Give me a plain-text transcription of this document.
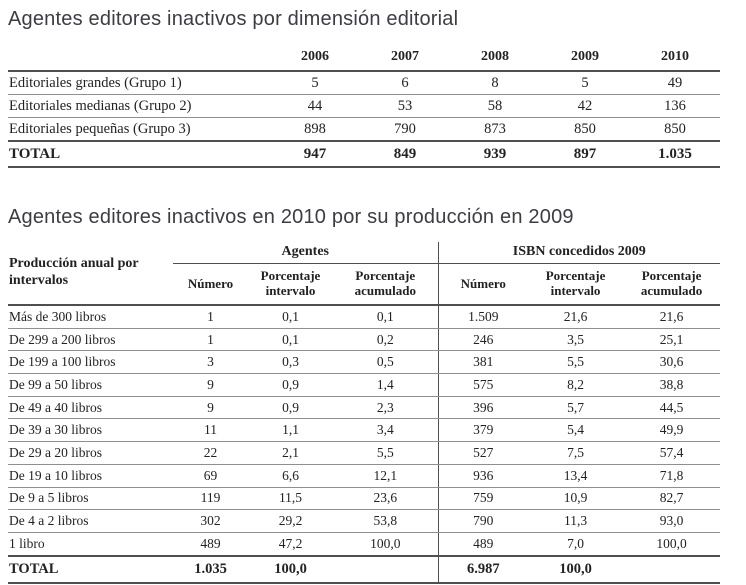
Agentes editores inactivos por dimensión editorial
	2006	2007	2008	2009	2010
Editoriales grandes (Grupo 1)	5	6	8	5	49
Editoriales medianas (Grupo 2)	44	53	58	42	136
Editoriales pequeñas (Grupo 3)	898	790	873	850	850
TOTAL	947	849	939	897	1.035
Agentes editores inactivos en 2010 por su producción en 2009
Producción anual por intervalos	Agentes			ISBN concedidos 2009		
	Número	Porcentaje intervalo	Porcentaje acumulado	Número	Porcentaje intervalo	Porcentaje acumulado
Más de 300 libros	1	0,1	0,1	1.509	21,6	21,6
De 299 a 200 libros	1	0,1	0,2	246	3,5	25,1
De 199 a 100 libros	3	0,3	0,5	381	5,5	30,6
De 99 a 50 libros	9	0,9	1,4	575	8,2	38,8
De 49 a 40 libros	9	0,9	2,3	396	5,7	44,5
De 39 a 30 libros	11	1,1	3,4	379	5,4	49,9
De 29 a 20 libros	22	2,1	5,5	527	7,5	57,4
De 19 a 10 libros	69	6,6	12,1	936	13,4	71,8
De 9 a 5 libros	119	11,5	23,6	759	10,9	82,7
De 4 a 2 libros	302	29,2	53,8	790	11,3	93,0
1 libro	489	47,2	100,0	489	7,0	100,0
TOTAL	1.035	100,0		6.987	100,0	
